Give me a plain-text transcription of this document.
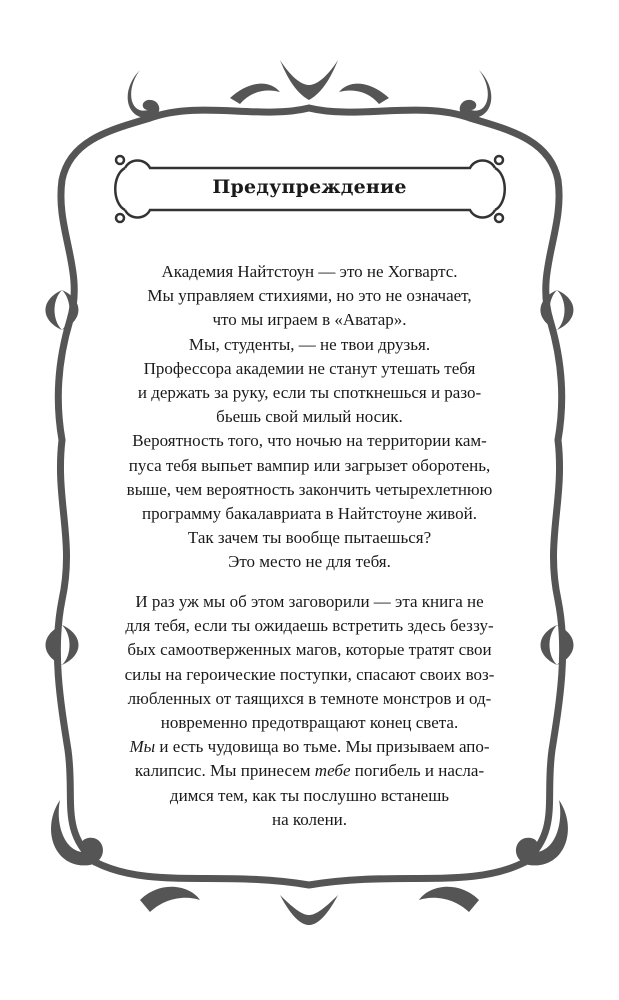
Предупреждение
Академия Найтстоун — это не Хогвартс.
Мы управляем стихиями, но это не означает,
что мы играем в «Аватар».
Мы, студенты, — не твои друзья.
Профессора академии не станут утешать тебя
и держать за руку, если ты споткнешься и разо-
бьешь свой милый носик.
Вероятность того, что ночью на территории кам-
пуса тебя выпьет вампир или загрызет оборотень,
выше, чем вероятность закончить четырехлетнюю
программу бакалавриата в Найтстоуне живой.
Так зачем ты вообще пытаешься?
Это место не для тебя.
И раз уж мы об этом заговорили — эта книга не
для тебя, если ты ожидаешь встретить здесь беззу-
бых самоотверженных магов, которые тратят свои
силы на героические поступки, спасают своих воз-
любленных от таящихся в темноте монстров и од-
новременно предотвращают конец света.
Мы и есть чудовища во тьме. Мы призываем апо-
калипсис. Мы принесем тебе погибель и насла-
димся тем, как ты послушно встанешь
на колени.
